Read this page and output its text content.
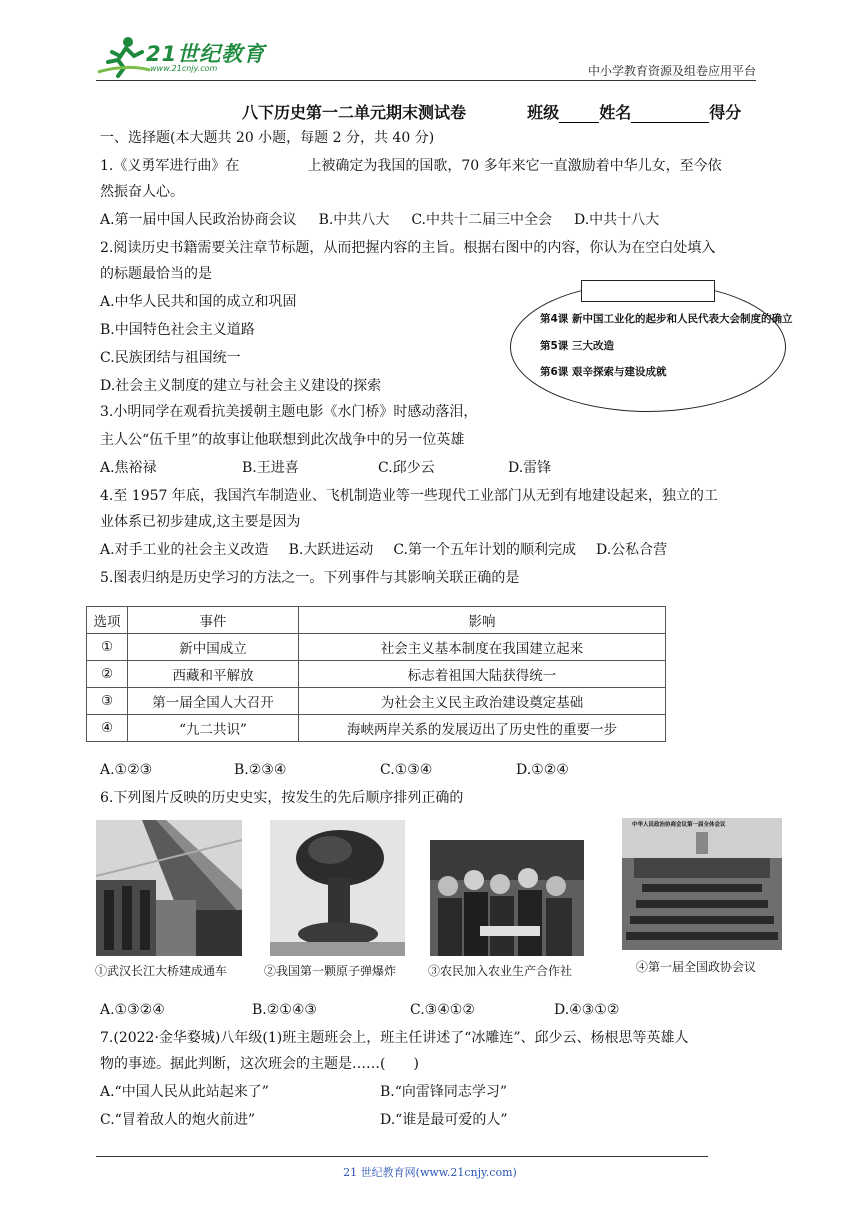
21世纪教育
www.21cnjy.com	中小学教育资源及组卷应用平台
八下历史第一二单元期末测试卷	班级	姓名	得分
一、选择题(本大题共 20 小题，每题 2 分，共 40 分)
1.《义勇军进行曲》在	上被确定为我国的国歌，70 多年来它一直激励着中华儿女，至今依
然振奋人心。
A.第一届中国人民政治协商会议 B.中共八大 C.中共十二届三中全会 D.中共十八大
2.阅读历史书籍需要关注章节标题，从而把握内容的主旨。根据右图中的内容，你认为在空白处填入
的标题最恰当的是
A.中华人民共和国的成立和巩固
B.中国特色社会主义道路
C.民族团结与祖国统一
D.社会主义制度的建立与社会主义建设的探索
第4课 新中国工业化的起步和人民代表大会制度的确立
第5课 三大改造
第6课 艰辛探索与建设成就
3.小明同学在观看抗美援朝主题电影《水门桥》时感动落泪，
主人公“伍千里”的故事让他联想到此次战争中的另一位英雄
A.焦裕禄	B.王进喜	C.邱少云	D.雷锋
4.至 1957 年底，我国汽车制造业、飞机制造业等一些现代工业部门从无到有地建设起来，独立的工
业体系已初步建成,这主要是因为
A.对手工业的社会主义改造 B.大跃进运动 C.第一个五年计划的顺利完成 D.公私合营
5.图表归纳是历史学习的方法之一。下列事件与其影响关联正确的是
选项	事件	影响
①	新中国成立	社会主义基本制度在我国建立起来
②	西藏和平解放	标志着祖国大陆获得统一
③	第一届全国人大召开	为社会主义民主政治建设奠定基础
④	“九二共识”	海峡两岸关系的发展迈出了历史性的重要一步
A.①②③	B.②③④	C.①③④	D.①②④
6.下列图片反映的历史史实，按发生的先后顺序排列正确的
①武汉长江大桥建成通车	②我国第一颗原子弹爆炸	③农民加入农业生产合作社
中华人民政治协商会议第一届全体会议
④第一届全国政协会议
A.①③②④	B.②①④③	C.③④①②	D.④③①②
7.(2022·金华婺城)八年级(1)班主题班会上，班主任讲述了“冰雕连”、邱少云、杨根思等英雄人
物的事迹。据此判断，这次班会的主题是……(　　)
A.“中国人民从此站起来了”	B.“向雷锋同志学习”
C.“冒着敌人的炮火前进”	D.“谁是最可爱的人”
21 世纪教育网(www.21cnjy.com)
